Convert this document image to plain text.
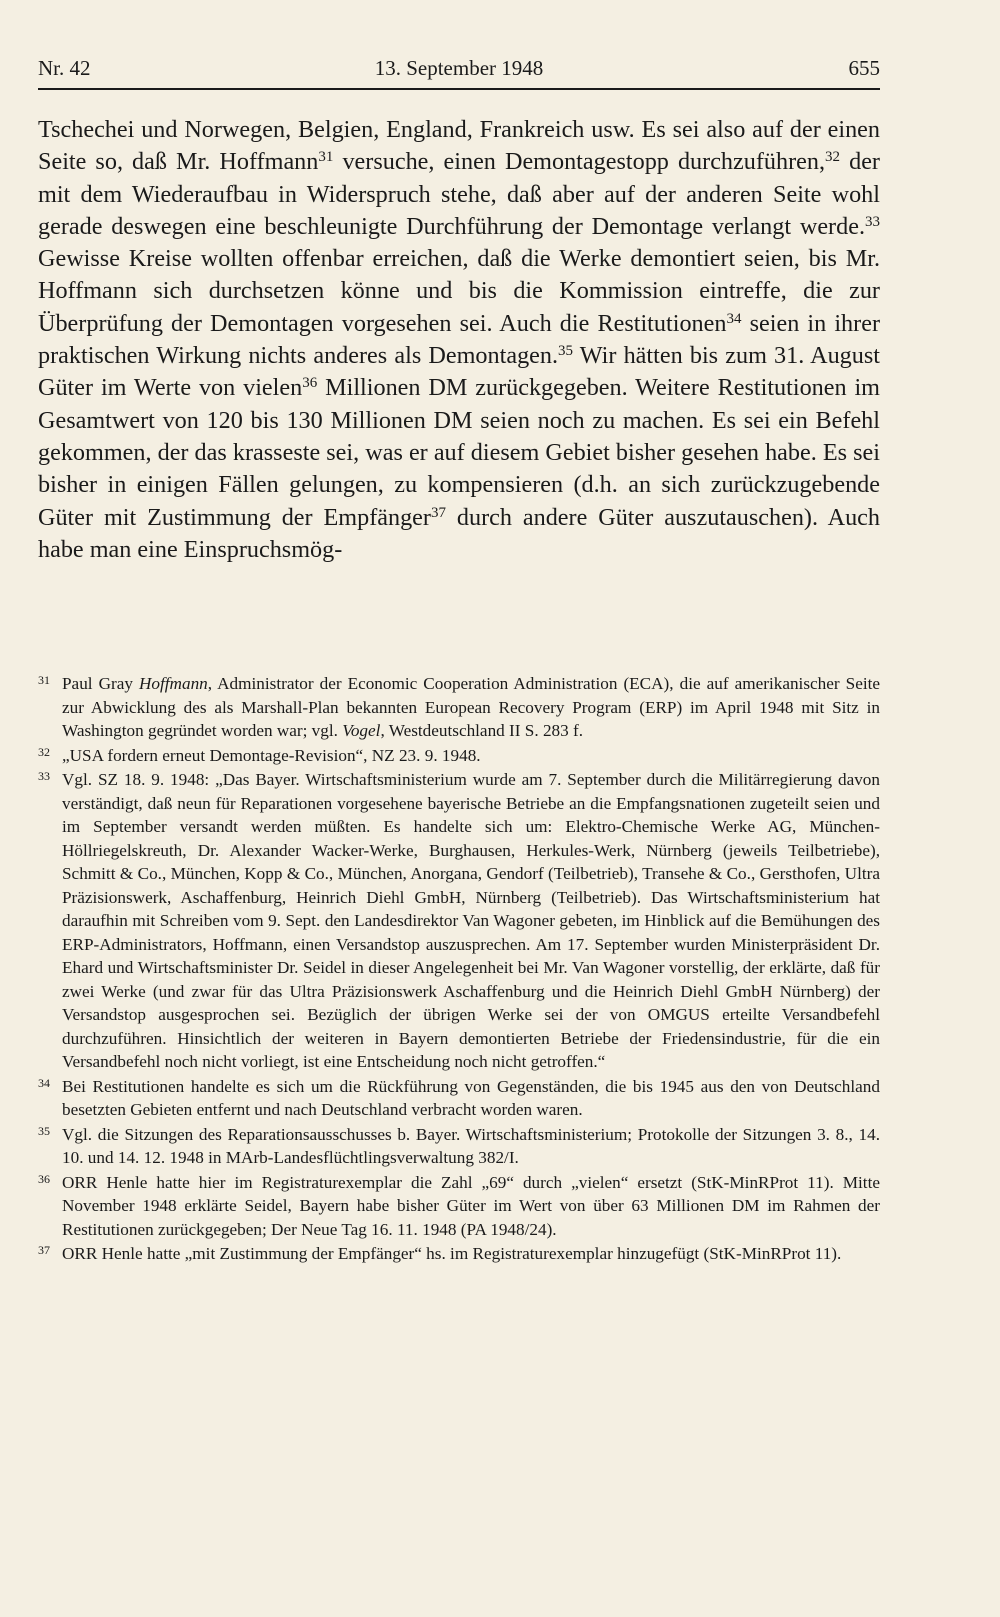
Nr. 42	13. September 1948	655

Tschechei und Norwegen, Belgien, England, Frankreich usw. Es sei also auf der einen Seite so, daß Mr. Hoffmann$^{31}$ versuche, einen Demontagestopp durchzuführen,$^{32}$ der mit dem Wiederaufbau in Widerspruch stehe, daß aber auf der anderen Seite wohl gerade deswegen eine beschleunigte Durchführung der Demontage verlangt werde.$^{33}$ Gewisse Kreise wollten offenbar erreichen, daß die Werke demontiert seien, bis Mr. Hoffmann sich durchsetzen könne und bis die Kommission eintreffe, die zur Überprüfung der Demontagen vorgesehen sei. Auch die Restitutionen$^{34}$ seien in ihrer praktischen Wirkung nichts anderes als Demontagen.$^{35}$ Wir hätten bis zum 31. August Güter im Werte von vielen$^{36}$ Millionen DM zurückgegeben. Weitere Restitutionen im Gesamtwert von 120 bis 130 Millionen DM seien noch zu machen. Es sei ein Befehl gekommen, der das krasseste sei, was er auf diesem Gebiet bisher gesehen habe. Es sei bisher in einigen Fällen gelungen, zu kompensieren (d.h. an sich zurückzugebende Güter mit Zustimmung der Empfänger$^{37}$ durch andere Güter auszutauschen). Auch habe man eine Einspruchsmög-

31 Paul Gray Hoffmann, Administrator der Economic Cooperation Administration (ECA), die auf amerikanischer Seite zur Abwicklung des als Marshall-Plan bekannten European Recovery Program (ERP) im April 1948 mit Sitz in Washington gegründet worden war; vgl. Vogel, Westdeutschland II S. 283 f.

32 „USA fordern erneut Demontage-Revision“, NZ 23. 9. 1948.

33 Vgl. SZ 18. 9. 1948: „Das Bayer. Wirtschaftsministerium wurde am 7. September durch die Militärregierung davon verständigt, daß neun für Reparationen vorgesehene bayerische Betriebe an die Empfangsnationen zugeteilt seien und im September versandt werden müßten. Es handelte sich um: Elektro-Chemische Werke AG, München-Höllriegelskreuth, Dr. Alexander Wacker-Werke, Burghausen, Herkules-Werk, Nürnberg (jeweils Teilbetriebe), Schmitt & Co., München, Kopp & Co., München, Anorgana, Gendorf (Teilbetrieb), Transehe & Co., Gersthofen, Ultra Präzisionswerk, Aschaffenburg, Heinrich Diehl GmbH, Nürnberg (Teilbetrieb). Das Wirtschaftsministerium hat daraufhin mit Schreiben vom 9. Sept. den Landesdirektor Van Wagoner gebeten, im Hinblick auf die Bemühungen des ERP-Administrators, Hoffmann, einen Versandstop auszusprechen. Am 17. September wurden Ministerpräsident Dr. Ehard und Wirtschaftsminister Dr. Seidel in dieser Angelegenheit bei Mr. Van Wagoner vorstellig, der erklärte, daß für zwei Werke (und zwar für das Ultra Präzisionswerk Aschaffenburg und die Heinrich Diehl GmbH Nürnberg) der Versandstop ausgesprochen sei. Bezüglich der übrigen Werke sei der von OMGUS erteilte Versandbefehl durchzuführen. Hinsichtlich der weiteren in Bayern demontierten Betriebe der Friedensindustrie, für die ein Versandbefehl noch nicht vorliegt, ist eine Entscheidung noch nicht getroffen.“

34 Bei Restitutionen handelte es sich um die Rückführung von Gegenständen, die bis 1945 aus den von Deutschland besetzten Gebieten entfernt und nach Deutschland verbracht worden waren.

35 Vgl. die Sitzungen des Reparationsausschusses b. Bayer. Wirtschaftsministerium; Protokolle der Sitzungen 3. 8., 14. 10. und 14. 12. 1948 in MArb-Landesflüchtlingsverwaltung 382/I.

36 ORR Henle hatte hier im Registraturexemplar die Zahl „69“ durch „vielen“ ersetzt (StK-MinRProt 11). Mitte November 1948 erklärte Seidel, Bayern habe bisher Güter im Wert von über 63 Millionen DM im Rahmen der Restitutionen zurückgegeben; Der Neue Tag 16. 11. 1948 (PA 1948/24).

37 ORR Henle hatte „mit Zustimmung der Empfänger“ hs. im Registraturexemplar hinzugefügt (StK-MinRProt 11).
